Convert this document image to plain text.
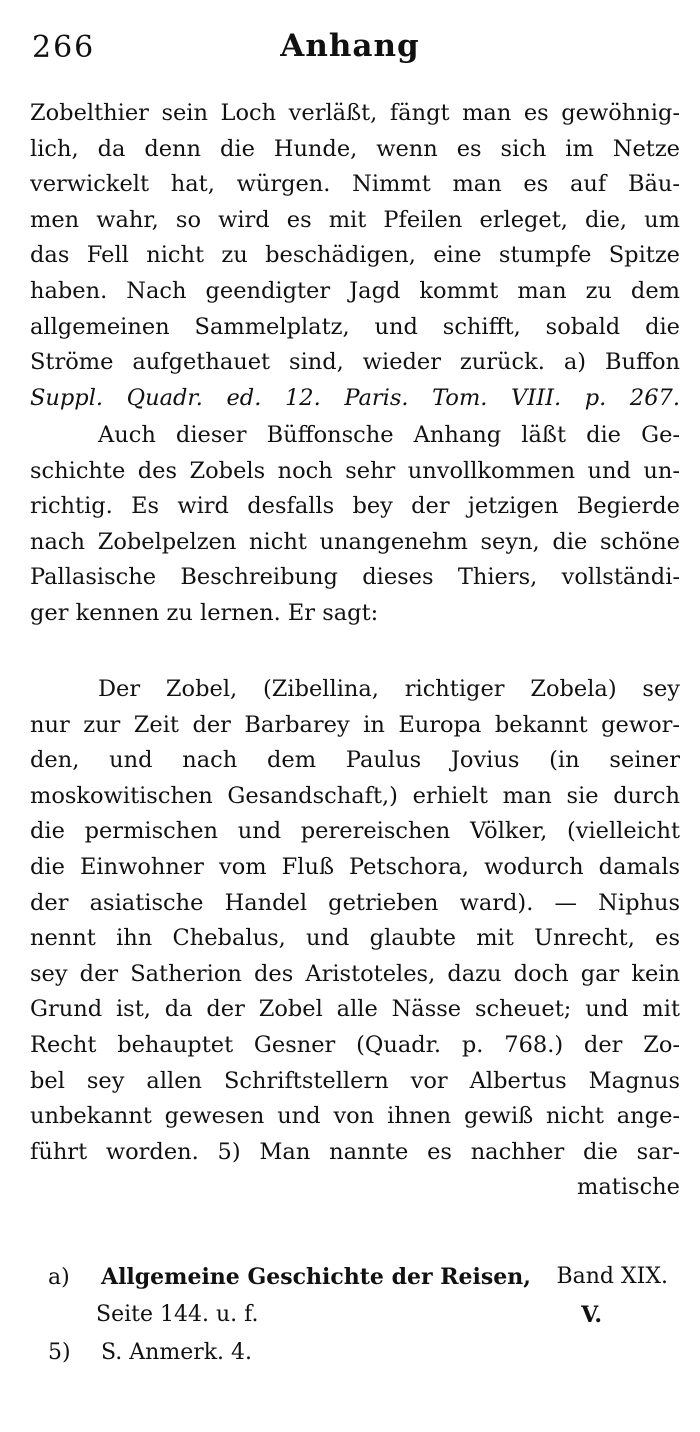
266	Anhang
Zobelthier sein Loch verläßt, fängt man es gewöhnig-
lich, da denn die Hunde, wenn es sich im Netze
verwickelt hat, würgen. Nimmt man es auf Bäu-
men wahr, so wird es mit Pfeilen erleget, die, um
das Fell nicht zu beschädigen, eine stumpfe Spitze
haben. Nach geendigter Jagd kommt man zu dem
allgemeinen Sammelplatz, und schifft, sobald die
Ströme aufgethauet sind, wieder zurück. a) Buffon
Suppl. Quadr. ed. 12. Paris. Tom. VIII. p. 267.
Auch dieser Büffonsche Anhang läßt die Ge-
schichte des Zobels noch sehr unvollkommen und un-
richtig. Es wird desfalls bey der jetzigen Begierde
nach Zobelpelzen nicht unangenehm seyn, die schöne
Pallasische Beschreibung dieses Thiers, vollständi-
ger kennen zu lernen. Er sagt:
Der Zobel, (Zibellina, richtiger Zobela) sey
nur zur Zeit der Barbarey in Europa bekannt gewor-
den, und nach dem Paulus Jovius (in seiner
moskowitischen Gesandschaft,) erhielt man sie durch
die permischen und perereischen Völker, (vielleicht
die Einwohner vom Fluß Petschora, wodurch damals
der asiatische Handel getrieben ward). — Niphus
nennt ihn Chebalus, und glaubte mit Unrecht, es
sey der Satherion des Aristoteles, dazu doch gar kein
Grund ist, da der Zobel alle Nässe scheuet; und mit
Recht behauptet Gesner (Quadr. p. 768.) der Zo-
bel sey allen Schriftstellern vor Albertus Magnus
unbekannt gewesen und von ihnen gewiß nicht ange-
führt worden. 5) Man nannte es nachher die sar-
matische
a) Allgemeine Geschichte der Reisen, Band XIX.
Seite 144. u. f.	V.
5) S. Anmerk. 4.
